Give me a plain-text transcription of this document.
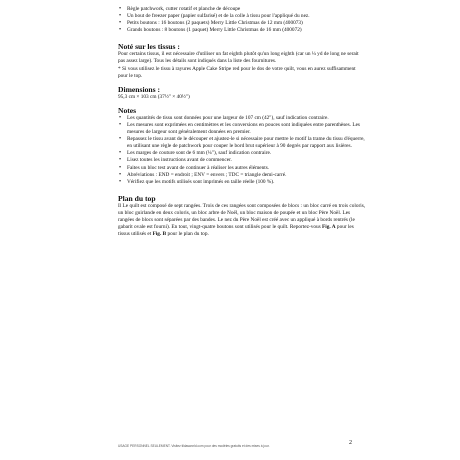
• Règle patchwork, cutter rotatif et planche de découpe
• Un bout de freezer paper (papier sulfarisé) et de la colle à tissu pour l'appliqué du nez.
• Petits boutons : 16 boutons (2 paquets) Merry Little Christmas de 12 mm (400073)
• Grands boutons : 8 boutons (1 paquet) Merry Little Christmas de 16 mm (400072)
Noté sur les tissus :

Pour certains tissus, il est nécessaire d'utiliser un fat eighth plutôt qu'un long eighth (car un ¼ yd de long ne serait pas assez large). Tous les détails sont indiqués dans la liste des fournitures.

* Si vous utilisez le tissu à rayures Apple Cake Stripe red pour le dos de votre quilt, vous en aurez suffisamment pour le top.

Dimensions :

95,3 cm × 103 cm (37½" × 40½")

Notes
• Les quantités de tissu sont données pour une largeur de 107 cm (42"), sauf indication contraire.
• Les mesures sont exprimées en centimètres et les conversions en pouces sont indiquées entre parenthèses. Les mesures de largeur sont généralement données en premier.
• Repassez le tissu avant de le découper et ajustez-le si nécessaire pour mettre le motif la trame du tissu d'équerre, en utilisant une règle de patchwork pour couper le bord brut supérieur à 90 degrés par rapport aux lisières.
• Les marges de couture sont de 6 mm (¼"), sauf indication contraire.
• Lisez toutes les instructions avant de commencer.
• Faites un bloc test avant de continuer à réaliser les autres éléments.
• Abréviations : END = endroit ; ENV = envers ; TDC = triangle demi-carré.
• Vérifiez que les motifs utilisés sont imprimés en taille réelle (100 %).
Plan du top

Il Le quilt est composé de sept rangées. Trois de ces rangées sont composées de blocs : un bloc carré en trois coloris, un bloc guirlande en deux coloris, un bloc arbre de Noël, un bloc maison de poupée et un bloc Père Noël. Les rangées de blocs sont séparées par des bandes. Le nez du Père Noël est créé avec un appliqué à bords rentrés (le gabarit ovale est fourni). En tout, vingt-quatre boutons sont utilisés pour le quilt. Reportez-vous Fig. A pour les tissus utilisés et Fig. B pour le plan du top.

USAGE PERSONNEL SEULEMENT. Visitez tildasworld.com pour des modèles gratuits et des mises à jour.	2
